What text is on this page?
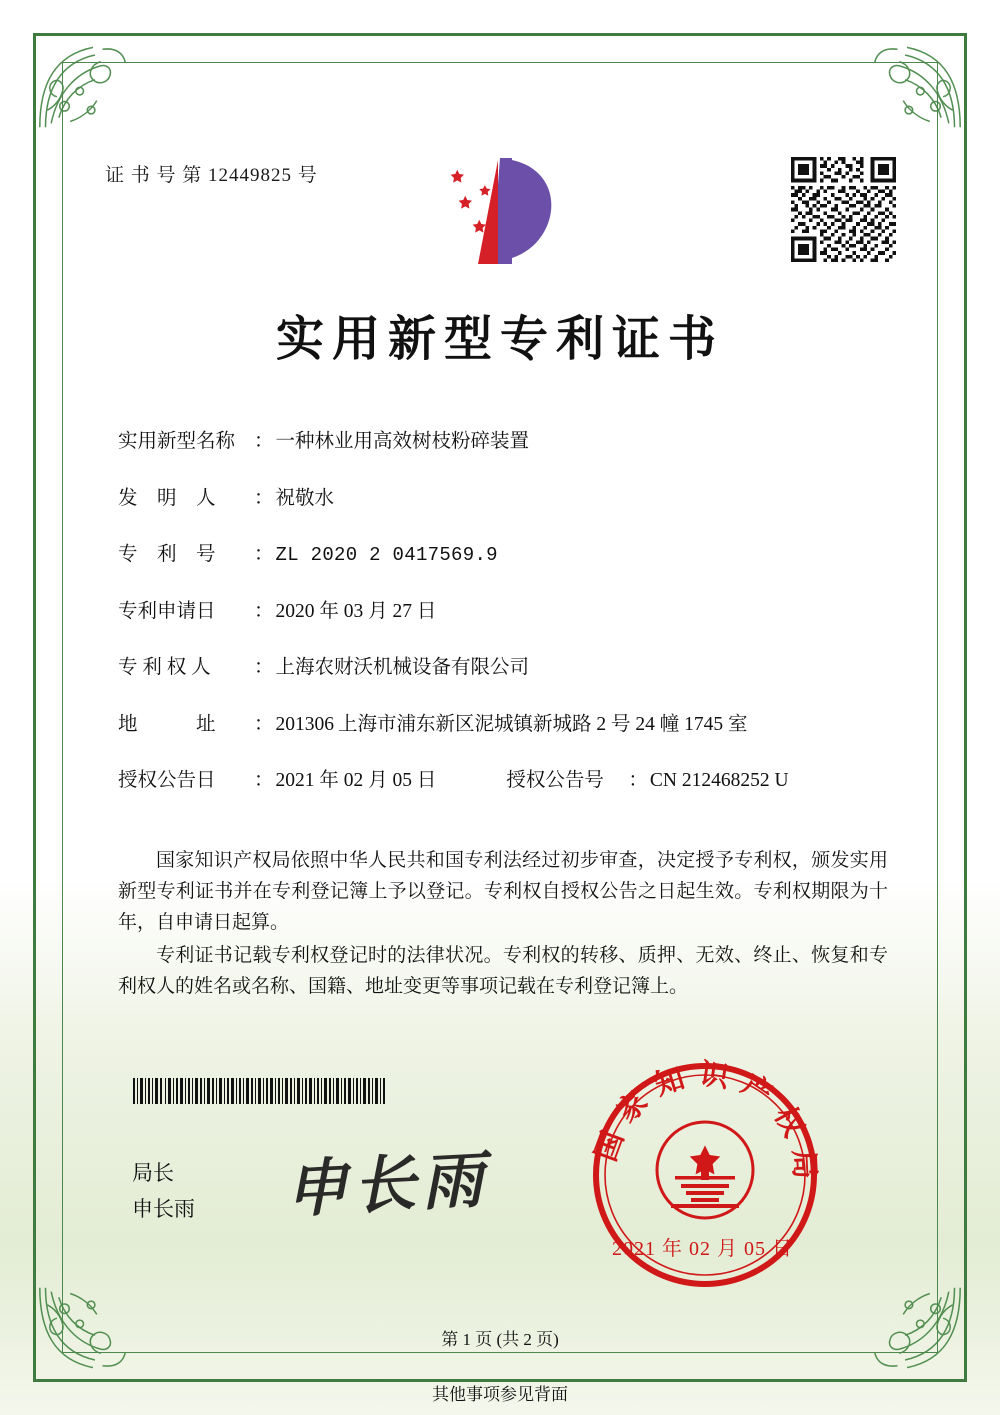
证 书 号 第 12449825 号
实用新型专利证书
实用新型名称 ： 一种林业用高效树枝粉碎装置
发　明　人	： 祝敬水
专　利　号	： ZL 2020 2 0417569.9
专利申请日	： 2020 年 03 月 27 日
专 利 权 人	： 上海农财沃机械设备有限公司
地　　　址	： 201306 上海市浦东新区泥城镇新城路 2 号 24 幢 1745 室
授权公告日	： 2021 年 02 月 05 日	授权公告号	： CN 212468252 U

国家知识产权局依照中华人民共和国专利法经过初步审查，决定授予专利权，颁发实用新型专利证书并在专利登记簿上予以登记。专利权自授权公告之日起生效。专利权期限为十年，自申请日起算。

专利证书记载专利权登记时的法律状况。专利权的转移、质押、无效、终止、恢复和专利权人的姓名或名称、国籍、地址变更等事项记载在专利登记簿上。

局长
申长雨 申长雨
国家知识产权局
2021 年 02 月 05 日
第 1 页 (共 2 页)
其他事项参见背面
